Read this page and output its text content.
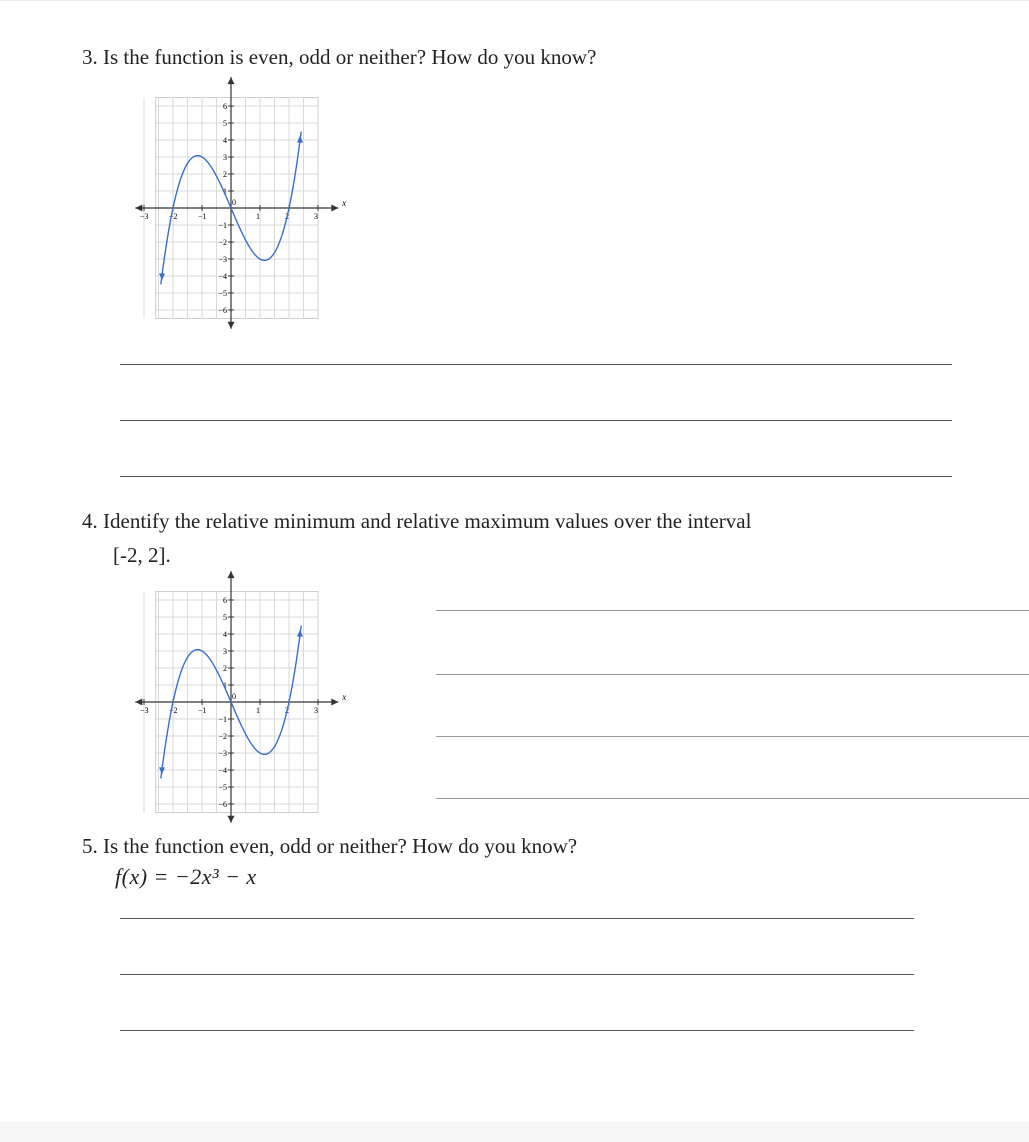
3. Is the function is even, odd or neither? How do you know?

x
−3	−2	−1
0
1	2	3
6
5
4
3
2
1
−1
−2
−3
−4
−5
−6

4. Identify the relative minimum and relative maximum values over the interval

[-2, 2].

x
−3	−2	−1
0
1	2	3
6
5
4
3
2
1
−1
−2
−3
−4
−5
−6

5. Is the function even, odd or neither? How do you know?

f(x) = −2x³ − x
